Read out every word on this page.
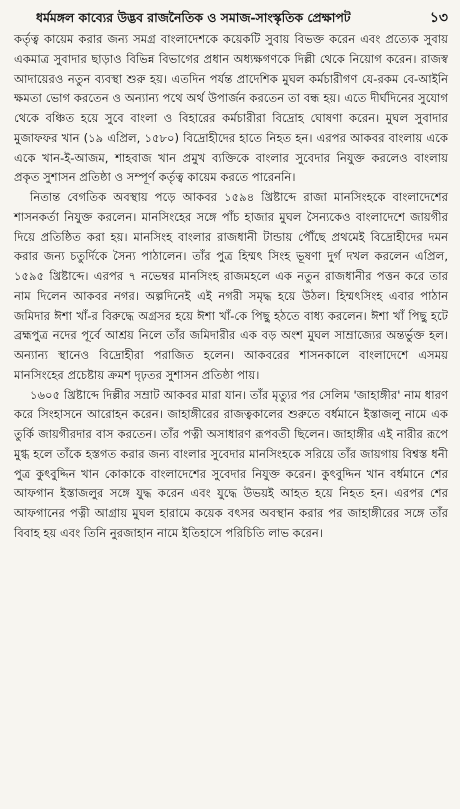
ধর্মমঙ্গল কাব্যের উদ্ভব রাজনৈতিক ও সমাজ-সাংস্কৃতিক প্রেক্ষাপট	১৩

কর্তৃত্ব কায়েম করার জন্য সমগ্র বাংলাদেশকে কয়েকটি সুবায় বিভক্ত করেন এবং প্রত্যেক সুবায় একমাত্র সুবাদার ছাড়াও বিভিন্ন বিভাগের প্রধান অধ্যক্ষগণকে দিল্লী থেকে নিয়োগ করেন। রাজস্ব আদায়েরও নতুন ব্যবস্থা শুরু হয়। এতদিন পর্যন্ত প্রাদেশিক মুঘল কর্মচারীগণ যে-রকম বে-আইনি ক্ষমতা ভোগ করতেন ও অন্যান্য পথে অর্থ উপার্জন করতেন তা বন্ধ হয়। এতে দীর্ঘদিনের সুযোগ থেকে বঞ্চিত হয়ে সুবে বাংলা ও বিহারের কর্মচারীরা বিদ্রোহ ঘোষণা করেন। মুঘল সুবাদার মুজাফফর খান (১৯ এপ্রিল, ১৫৮০) বিদ্রোহীদের হাতে নিহত হন। এরপর আকবর বাংলায় একে একে খান-ই-আজম, শাহবাজ খান প্রমুখ ব্যক্তিকে বাংলার সুবেদার নিযুক্ত করলেও বাংলায় প্রকৃত সুশাসন প্রতিষ্ঠা ও সম্পূর্ণ কর্তৃত্ব কায়েম করতে পারেননি।

নিতান্ত বেগতিক অবস্থায় পড়ে আকবর ১৫৯৪ খ্রিষ্টাব্দে রাজা মানসিংহকে বাংলাদেশের শাসনকর্তা নিযুক্ত করলেন। মানসিংহের সঙ্গে পাঁচ হাজার মুঘল সৈন্যকেও বাংলাদেশে জায়গীর দিয়ে প্রতিষ্ঠিত করা হয়। মানসিংহ বাংলার রাজধানী টান্ডায় পৌঁছে প্রথমেই বিদ্রোহীদের দমন করার জন্য চতুর্দিকে সৈন্য পাঠালেন। তাঁর পুত্র হিম্মৎ সিংহ ভূষণা দুর্গ দখল করলেন এপ্রিল, ১৫৯৫ খ্রিষ্টাব্দে। এরপর ৭ নভেম্বর মানসিংহ রাজমহলে এক নতুন রাজধানীর পত্তন করে তার নাম দিলেন আকবর নগর। অল্পদিনেই এই নগরী সমৃদ্ধ হয়ে উঠল। হিম্মৎসিংহ এবার পাঠান জমিদার ঈশা খাঁ-র বিরুদ্ধে অগ্রসর হয়ে ঈশা খাঁ-কে পিছু হঠতে বাধ্য করলেন। ঈশা খাঁ পিছু হটে ব্রহ্মপুত্র নদের পূর্বে আশ্রয় নিলে তাঁর জমিদারীর এক বড় অংশ মুঘল সাম্রাজ্যের অন্তর্ভুক্ত হল। অন্যান্য স্থানেও বিদ্রোহীরা পরাজিত হলেন। আকবরের শাসনকালে বাংলাদেশে এসময় মানসিংহের প্রচেষ্টায় ক্রমশ দৃঢ়তর সুশাসন প্রতিষ্ঠা পায়।

১৬০৫ খ্রিষ্টাব্দে দিল্লীর সম্রাট আকবর মারা যান। তাঁর মৃত্যুর পর সেলিম 'জাহাঙ্গীর' নাম ধারণ করে সিংহাসনে আরোহন করেন। জাহাঙ্গীরের রাজত্বকালের শুরুতে বর্ধমানে ইস্তাজলু নামে এক তুর্কি জায়গীরদার বাস করতেন। তাঁর পত্নী অসাধারণ রূপবতী ছিলেন। জাহাঙ্গীর এই নারীর রূপে মুগ্ধ হলে তাঁকে হস্তগত করার জন্য বাংলার সুবেদার মানসিংহকে সরিয়ে তাঁর জায়গায় বিশ্বস্ত ধনী পুত্র কুৎবুদ্দিন খান কোকাকে বাংলাদেশের সুবেদার নিযুক্ত করেন। কুৎবুদ্দিন খান বর্ধমানে শের আফগান ইস্তাজলুর সঙ্গে যুদ্ধ করেন এবং যুদ্ধে উভয়ই আহত হয়ে নিহত হন। এরপর শের আফগানের পত্নী আগ্রায় মুঘল হারামে কয়েক বৎসর অবস্থান করার পর জাহাঙ্গীরের সঙ্গে তাঁর বিবাহ হয় এবং তিনি নুরজাহান নামে ইতিহাসে পরিচিতি লাভ করেন।
